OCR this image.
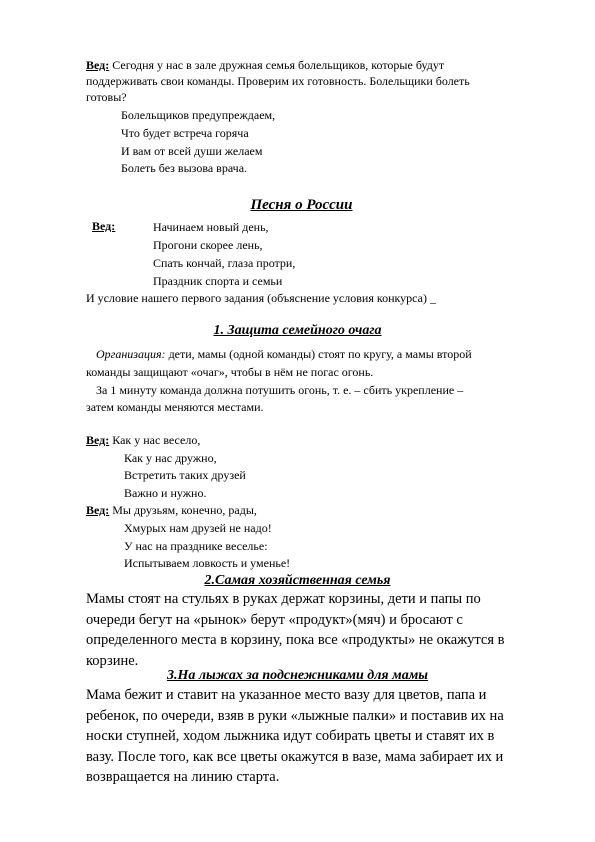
Вед: Сегодня у нас в зале дружная семья болельщиков, которые будут
поддерживать свои команды. Проверим их готовность. Болельщики болеть
готовы?
Болельщиков предупреждаем,
Что будет встреча горяча
И вам от всей души желаем
Болеть без вызова врача.
Песня о России
Вед:	Начинаем новый день,
Прогони скорее лень,
Спать кончай, глаза протри,
Праздник спорта и семьи
И условие нашего первого задания (объяснение условия конкурса) _
1. Защита семейного очага
Организация: дети, мамы (одной команды) стоят по кругу, а мамы второй
команды защищают «очаг», чтобы в нём не погас огонь.
За 1 минуту команда должна потушить огонь, т. е. – сбить укрепление –
затем команды меняются местами.
Вед: Как у нас весело,
Как у нас дружно,
Встретить таких друзей
Важно и нужно.
Вед: Мы друзьям, конечно, рады,
Хмурых нам друзей не надо!
У нас на празднике веселье:
Испытываем ловкость и уменье!
2.Самая хозяйственная семья
Мамы стоят на стульях в руках держат корзины, дети и папы по
очереди бегут на «рынок» берут «продукт»(мяч) и бросают с
определенного места в корзину, пока все «продукты» не окажутся в
корзине.
3.На лыжах за подснежниками для мамы
Мама бежит и ставит на указанное место вазу для цветов, папа и
ребенок, по очереди, взяв в руки «лыжные палки» и поставив их на
носки ступней, ходом лыжника идут собирать цветы и ставят их в
вазу. После того, как все цветы окажутся в вазе, мама забирает их и
возвращается на линию старта.
